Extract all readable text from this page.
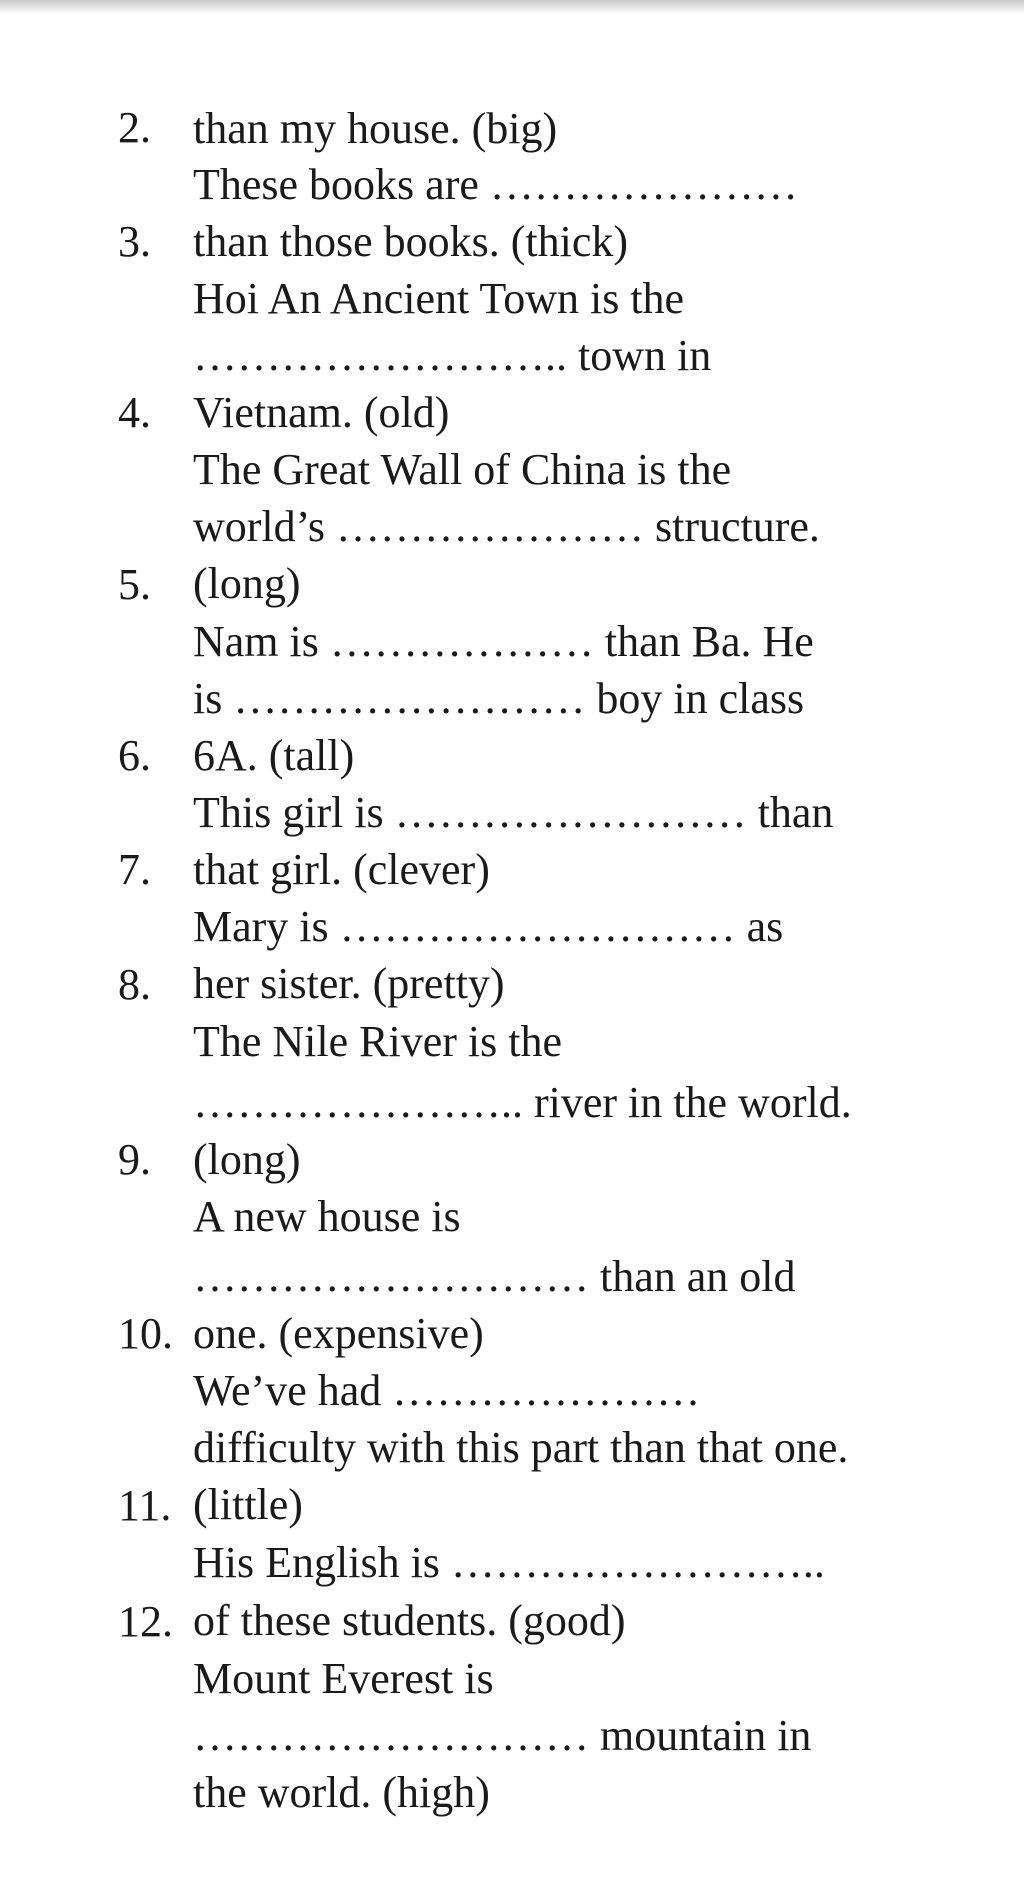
than my house. (big)

2.

These books are …………………

than those books. (thick)

3.

Hoi An Ancient Town is the

…………………….. town in

Vietnam. (old)

4.

The Great Wall of China is the

world’s ………………… structure.

(long)

5.

Nam is ……………… than Ba. He

is …………………… boy in class

6A. (tall)

6.

This girl is …………………… than

that girl. (clever)

7.

Mary is ……………………… as

her sister. (pretty)

8.

The Nile River is the

………………….. river in the world.

(long)

9.

A new house is

……………………… than an old

one. (expensive)

10.

We’ve had …………………

difficulty with this part than that one.

(little)

11.

His English is ……………………..

of these students. (good)

12.

Mount Everest is

……………………… mountain in

the world. (high)
